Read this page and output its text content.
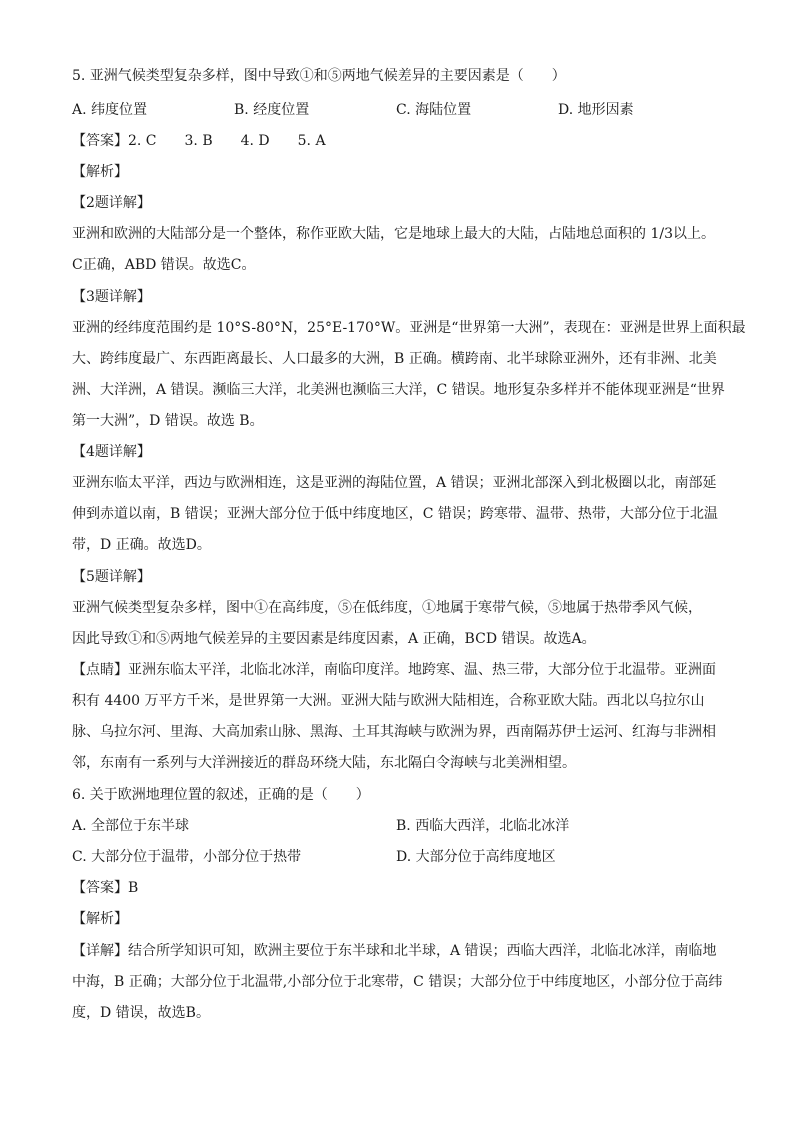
5. 亚洲气候类型复杂多样，图中导致①和⑤两地气候差异的主要因素是（　　）
A. 纬度位置	B. 经度位置	C. 海陆位置	D. 地形因素
【答案】2. C　　3. B　　4. D　　5. A
【解析】
【2题详解】
亚洲和欧洲的大陆部分是一个整体，称作亚欧大陆，它是地球上最大的大陆，占陆地总面积的 1/3以上。
C正确，ABD 错误。故选C。
【3题详解】
亚洲的经纬度范围约是 10°S-80°N，25°E-170°W。亚洲是“世界第一大洲”，表现在：亚洲是世界上面积最
大、跨纬度最广、东西距离最长、人口最多的大洲，B 正确。横跨南、北半球除亚洲外，还有非洲、北美
洲、大洋洲，A 错误。濒临三大洋，北美洲也濒临三大洋，C 错误。地形复杂多样并不能体现亚洲是“世界
第一大洲”，D 错误。故选 B。
【4题详解】
亚洲东临太平洋，西边与欧洲相连，这是亚洲的海陆位置，A 错误；亚洲北部深入到北极圈以北，南部延
伸到赤道以南，B 错误；亚洲大部分位于低中纬度地区，C 错误；跨寒带、温带、热带，大部分位于北温
带，D 正确。故选D。
【5题详解】
亚洲气候类型复杂多样，图中①在高纬度，⑤在低纬度，①地属于寒带气候，⑤地属于热带季风气候，
因此导致①和⑤两地气候差异的主要因素是纬度因素，A 正确，BCD 错误。故选A。
【点睛】亚洲东临太平洋，北临北冰洋，南临印度洋。地跨寒、温、热三带，大部分位于北温带。亚洲面
积有 4400 万平方千米，是世界第一大洲。亚洲大陆与欧洲大陆相连，合称亚欧大陆。西北以乌拉尔山
脉、乌拉尔河、里海、大高加索山脉、黑海、土耳其海峡与欧洲为界，西南隔苏伊士运河、红海与非洲相
邻，东南有一系列与大洋洲接近的群岛环绕大陆，东北隔白令海峡与北美洲相望。
6. 关于欧洲地理位置的叙述，正确的是（　　）
A. 全部位于东半球	B. 西临大西洋，北临北冰洋
C. 大部分位于温带，小部分位于热带	D. 大部分位于高纬度地区
【答案】B
【解析】
【详解】结合所学知识可知，欧洲主要位于东半球和北半球，A 错误；西临大西洋，北临北冰洋，南临地
中海，B 正确；大部分位于北温带,小部分位于北寒带，C 错误；大部分位于中纬度地区，小部分位于高纬
度，D 错误，故选B。
